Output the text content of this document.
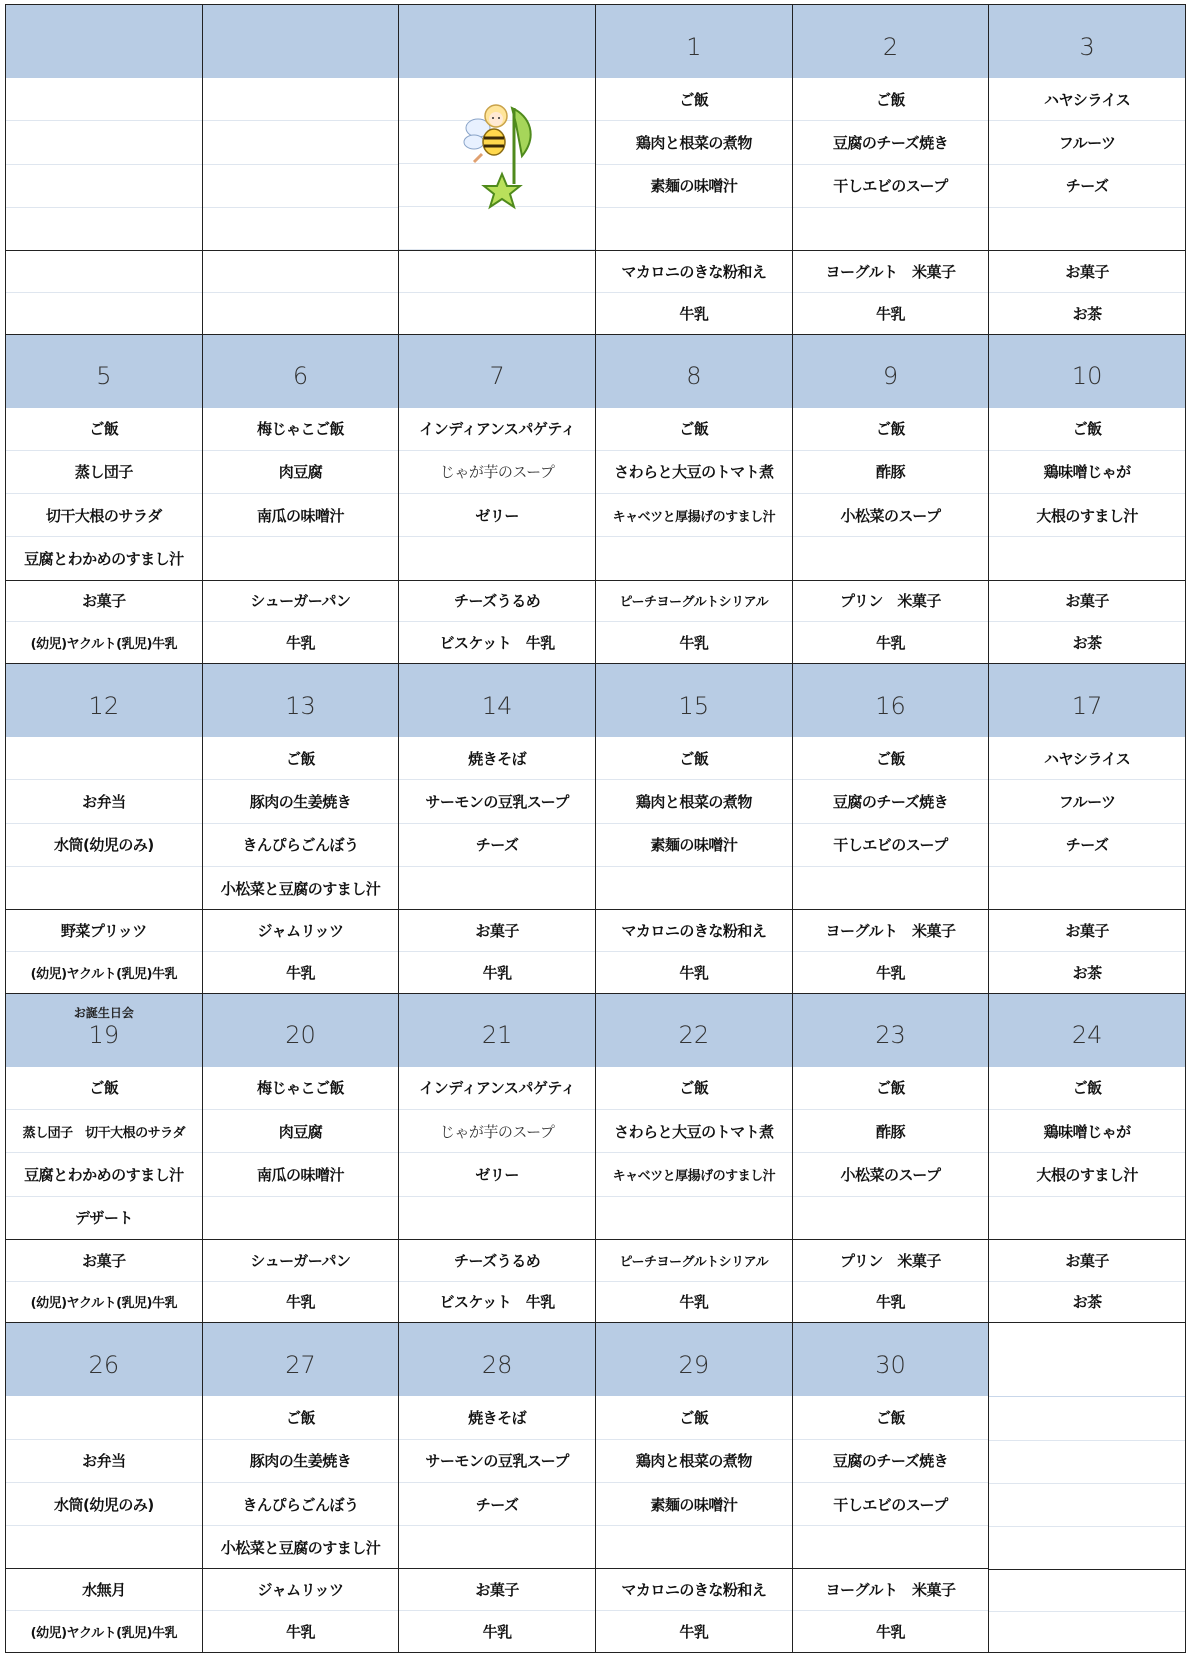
1
ご飯
鶏肉と根菜の煮物
素麺の味噌汁
マカロニのきな粉和え
牛乳
2
ご飯
豆腐のチーズ焼き
干しエビのスープ
ヨーグルト　米菓子
牛乳
3
ハヤシライス
フルーツ
チーズ
お菓子
お茶
5
ご飯
蒸し団子
切干大根のサラダ
豆腐とわかめのすまし汁
お菓子
(幼児)ヤクルト(乳児)牛乳
6
梅じゃこご飯
肉豆腐
南瓜の味噌汁
シューガーパン
牛乳
7
インディアンスパゲティ
じゃが芋のスープ
ゼリー
チーズうるめ
ビスケット　牛乳
8
ご飯
さわらと大豆のトマト煮
キャベツと厚揚げのすまし汁
ピーチヨーグルトシリアル
牛乳
9
ご飯
酢豚
小松菜のスープ
プリン　米菓子
牛乳
10
ご飯
鶏味噌じゃが
大根のすまし汁
お菓子
お茶
12
お弁当
水筒(幼児のみ)
野菜プリッツ
(幼児)ヤクルト(乳児)牛乳
13
ご飯
豚肉の生姜焼き
きんぴらごんぼう
小松菜と豆腐のすまし汁
ジャムリッツ
牛乳
14
焼きそば
サーモンの豆乳スープ
チーズ
お菓子
牛乳
15
ご飯
鶏肉と根菜の煮物
素麺の味噌汁
マカロニのきな粉和え
牛乳
16
ご飯
豆腐のチーズ焼き
干しエビのスープ
ヨーグルト　米菓子
牛乳
17
ハヤシライス
フルーツ
チーズ
お菓子
お茶
お誕生日会
19
ご飯
蒸し団子　切干大根のサラダ
豆腐とわかめのすまし汁
デザート
お菓子
(幼児)ヤクルト(乳児)牛乳
20
梅じゃこご飯
肉豆腐
南瓜の味噌汁
シューガーパン
牛乳
21
インディアンスパゲティ
じゃが芋のスープ
ゼリー
チーズうるめ
ビスケット　牛乳
22
ご飯
さわらと大豆のトマト煮
キャベツと厚揚げのすまし汁
ピーチヨーグルトシリアル
牛乳
23
ご飯
酢豚
小松菜のスープ
プリン　米菓子
牛乳
24
ご飯
鶏味噌じゃが
大根のすまし汁
お菓子
お茶
26
お弁当
水筒(幼児のみ)
水無月
(幼児)ヤクルト(乳児)牛乳
27
ご飯
豚肉の生姜焼き
きんぴらごんぼう
小松菜と豆腐のすまし汁
ジャムリッツ
牛乳
28
焼きそば
サーモンの豆乳スープ
チーズ
お菓子
牛乳
29
ご飯
鶏肉と根菜の煮物
素麺の味噌汁
マカロニのきな粉和え
牛乳
30
ご飯
豆腐のチーズ焼き
干しエビのスープ
ヨーグルト　米菓子
牛乳
